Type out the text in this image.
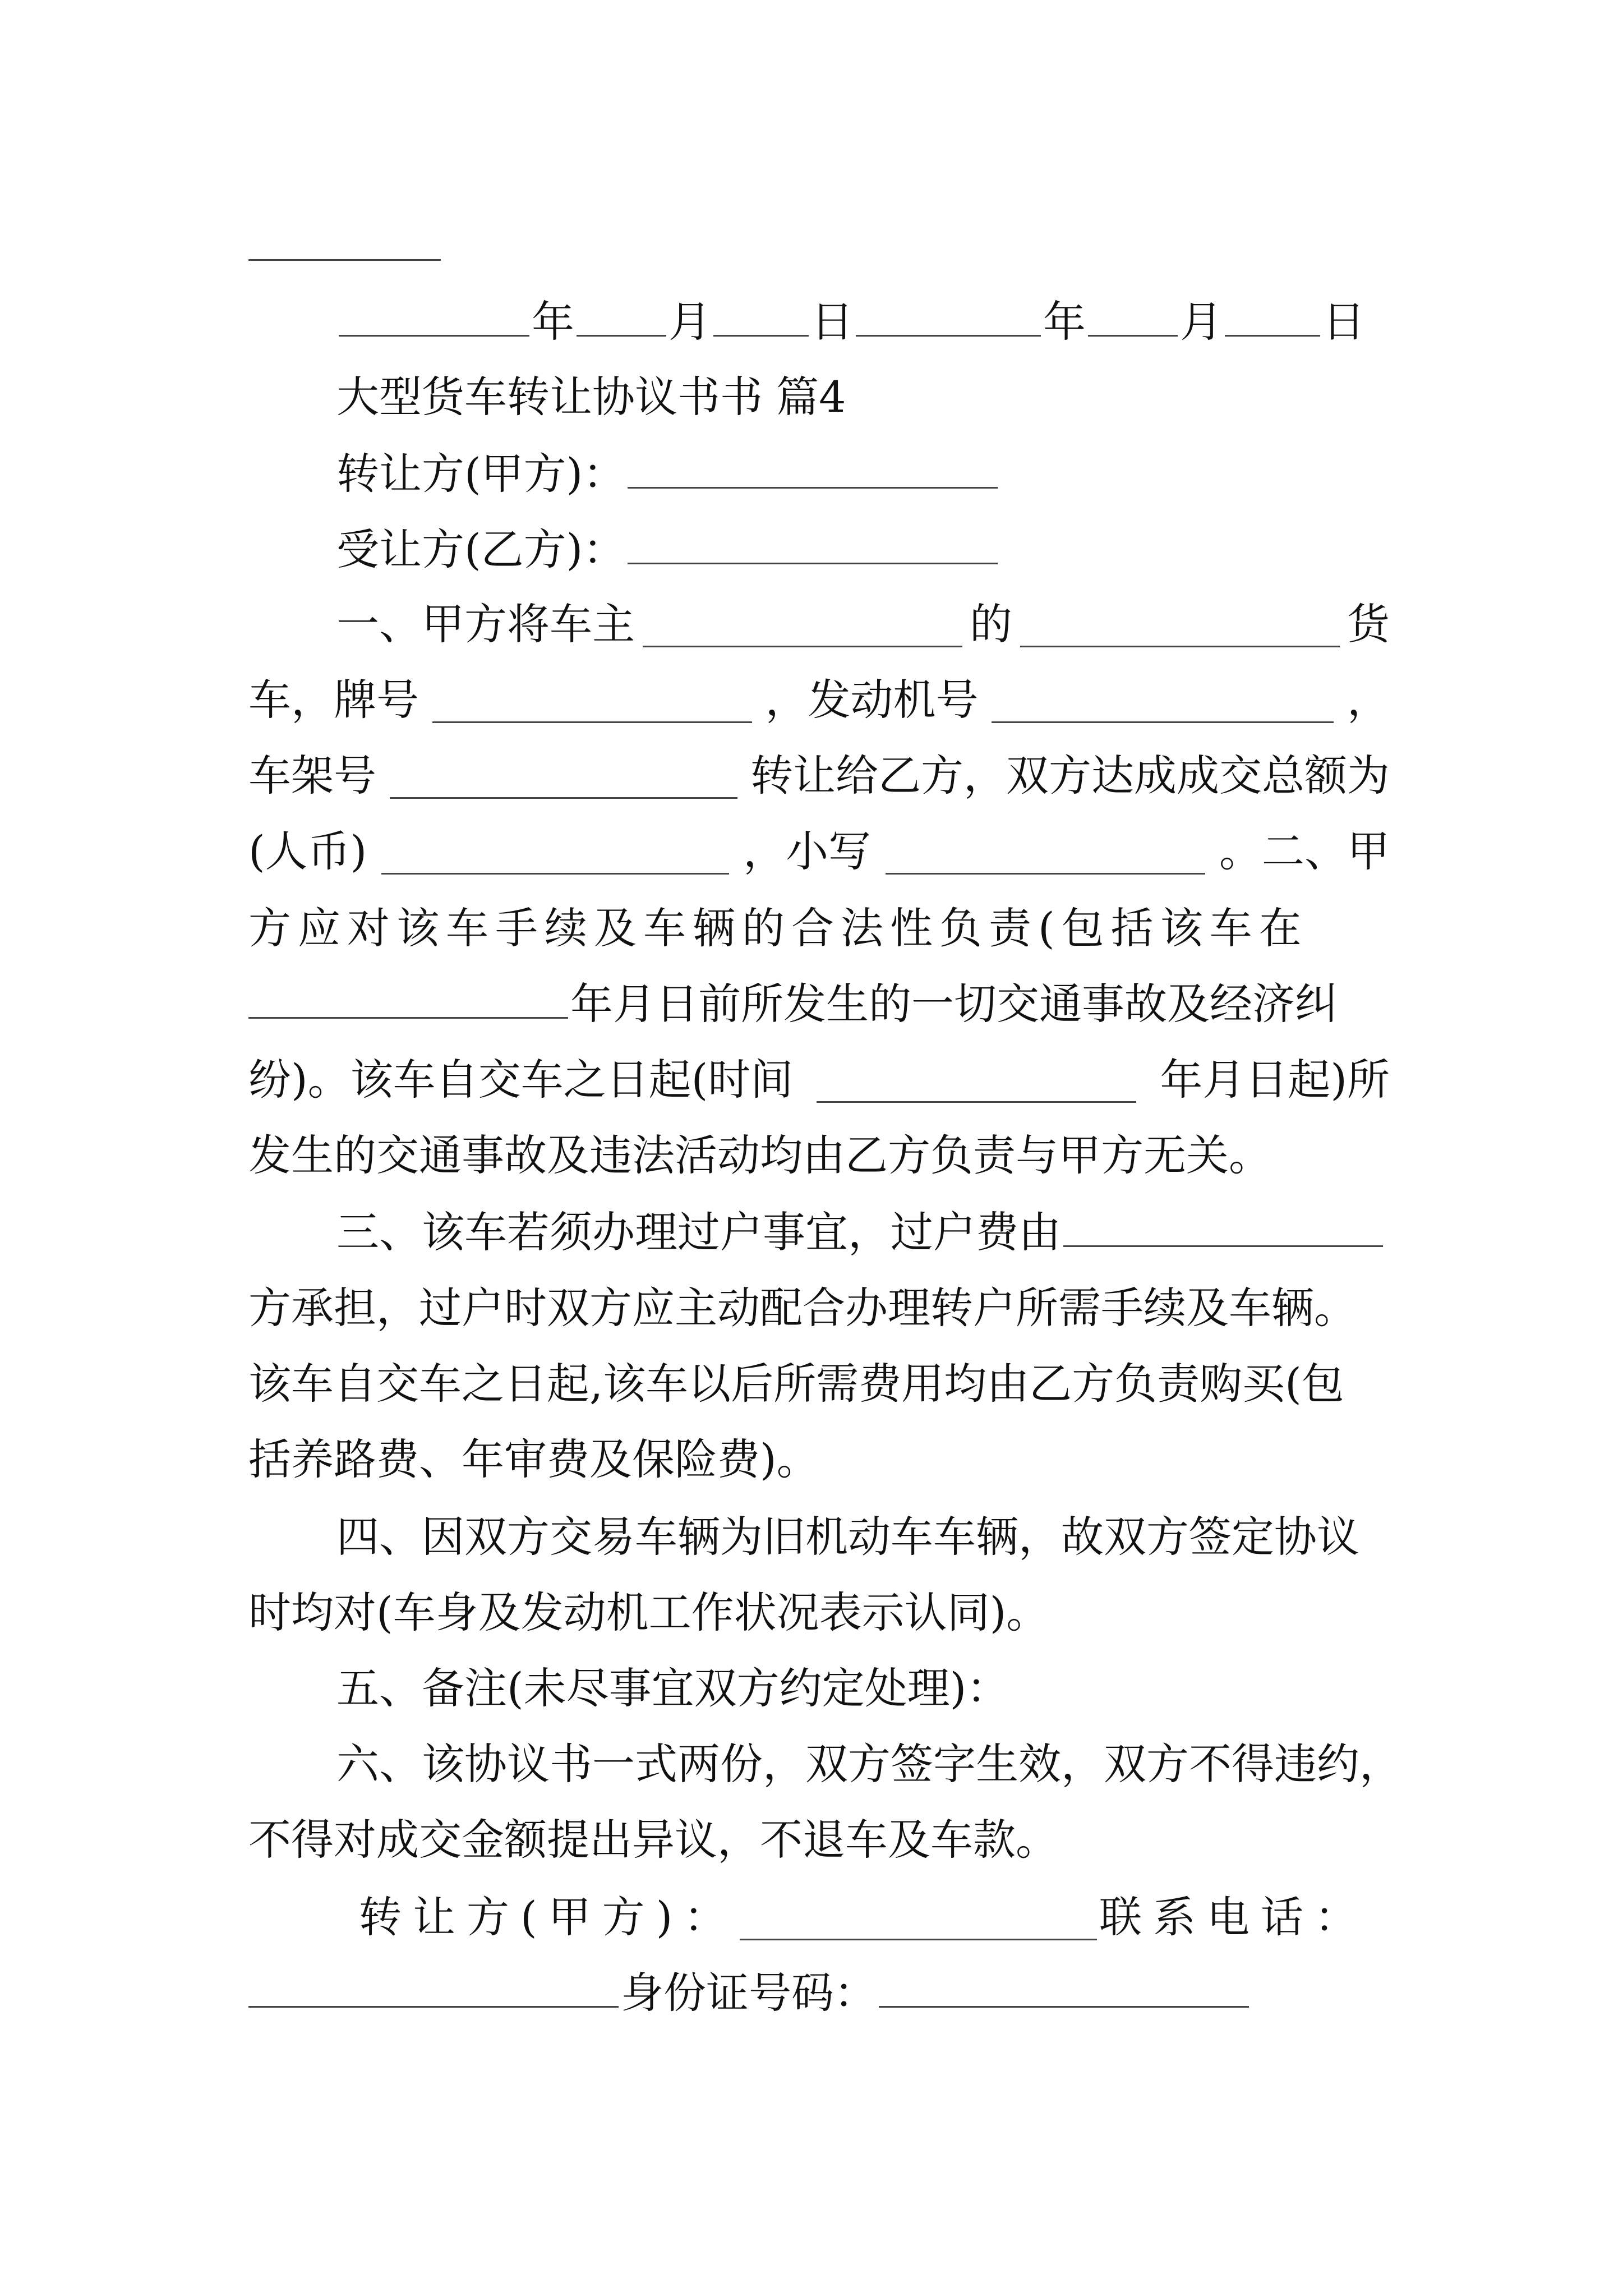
年 月 日	年 月 日
大型货车转让协议书书 篇4
转让方(甲方)：
受让方(乙方)：
一、甲方将车主	的	货
车，牌号	，发动机号	，
车架号	转让给乙方，双方达成成交总额为
(人币)	，小写	。二、甲
方应对该车手续及车辆的合法性负责(包括该车在
年月日前所发生的一切交通事故及经济纠
纷)。该车自交车之日起(时间	年月日起)所
发生的交通事故及违法活动均由乙方负责与甲方无关。
三、该车若须办理过户事宜，过户费由
方承担，过户时双方应主动配合办理转户所需手续及车辆。
该车自交车之日起,该车以后所需费用均由乙方负责购买(包
括养路费、年审费及保险费)。
四、因双方交易车辆为旧机动车车辆，故双方签定协议
时均对(车身及发动机工作状况表示认同)。
五、备注(未尽事宜双方约定处理)：
六、该协议书一式两份，双方签字生效，双方不得违约，
不得对成交金额提出异议，不退车及车款。
转让方(甲方)：	联系电话：
身份证号码：
